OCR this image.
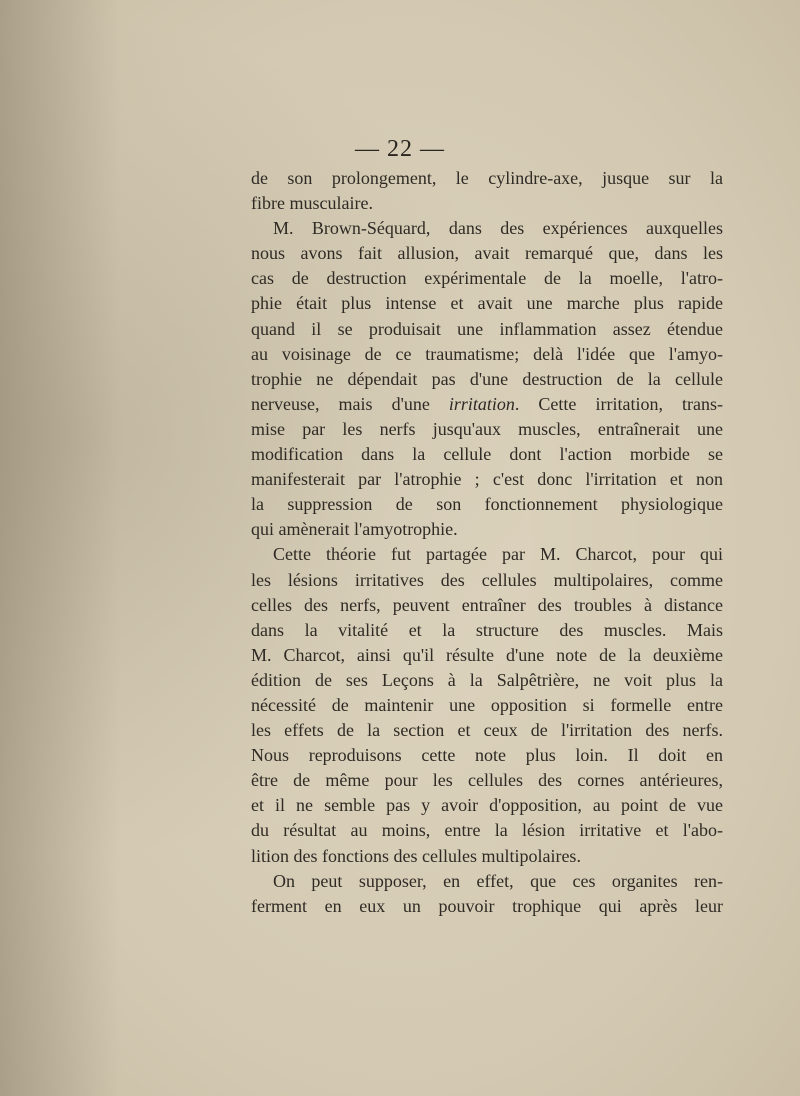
— 22 —
de son prolongement, le cylindre-axe, jusque sur la
fibre musculaire.
M. Brown-Séquard, dans des expériences auxquelles
nous avons fait allusion, avait remarqué que, dans les
cas de destruction expérimentale de la moelle, l'atro-
phie était plus intense et avait une marche plus rapide
quand il se produisait une inflammation assez étendue
au voisinage de ce traumatisme; delà l'idée que l'amyo-
trophie ne dépendait pas d'une destruction de la cellule
nerveuse, mais d'une irritation. Cette irritation, trans-
mise par les nerfs jusqu'aux muscles, entraînerait une
modification dans la cellule dont l'action morbide se
manifesterait par l'atrophie ; c'est donc l'irritation et non
la suppression de son fonctionnement physiologique
qui amènerait l'amyotrophie.
Cette théorie fut partagée par M. Charcot, pour qui
les lésions irritatives des cellules multipolaires, comme
celles des nerfs, peuvent entraîner des troubles à distance
dans la vitalité et la structure des muscles. Mais
M. Charcot, ainsi qu'il résulte d'une note de la deuxième
édition de ses Leçons à la Salpêtrière, ne voit plus la
nécessité de maintenir une opposition si formelle entre
les effets de la section et ceux de l'irritation des nerfs.
Nous reproduisons cette note plus loin. Il doit en
être de même pour les cellules des cornes antérieures,
et il ne semble pas y avoir d'opposition, au point de vue
du résultat au moins, entre la lésion irritative et l'abo-
lition des fonctions des cellules multipolaires.
On peut supposer, en effet, que ces organites ren-
ferment en eux un pouvoir trophique qui après leur
